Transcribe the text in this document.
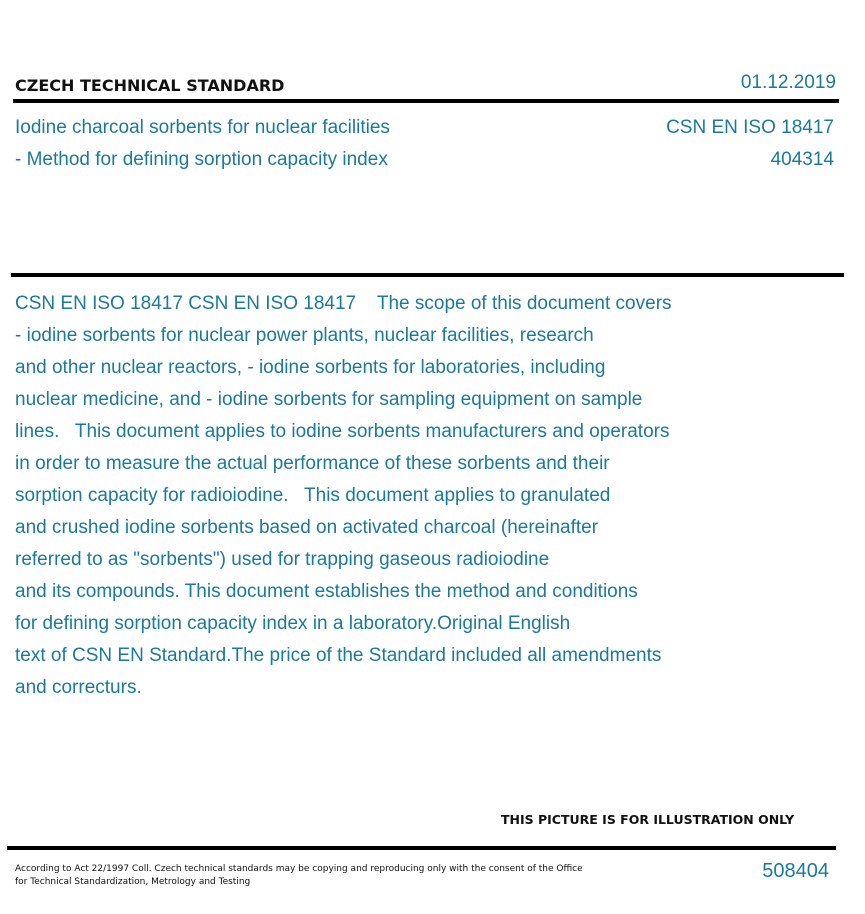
CZECH TECHNICAL STANDARD	01.12.2019
Iodine charcoal sorbents for nuclear facilities
- Method for defining sorption capacity index
CSN EN ISO 18417
404314
CSN EN ISO 18417 CSN EN ISO 18417    The scope of this document covers
- iodine sorbents for nuclear power plants, nuclear facilities, research
and other nuclear reactors, - iodine sorbents for laboratories, including
nuclear medicine, and - iodine sorbents for sampling equipment on sample
lines.   This document applies to iodine sorbents manufacturers and operators
in order to measure the actual performance of these sorbents and their
sorption capacity for radioiodine.   This document applies to granulated
and crushed iodine sorbents based on activated charcoal (hereinafter
referred to as "sorbents") used for trapping gaseous radioiodine
and its compounds. This document establishes the method and conditions
for defining sorption capacity index in a laboratory.Original English
text of CSN EN Standard.The price of the Standard included all amendments
and correcturs.
THIS PICTURE IS FOR ILLUSTRATION ONLY
According to Act 22/1997 Coll. Czech technical standards may be copying and reproducing only with the consent of the Office
for Technical Standardization, Metrology and Testing	508404
